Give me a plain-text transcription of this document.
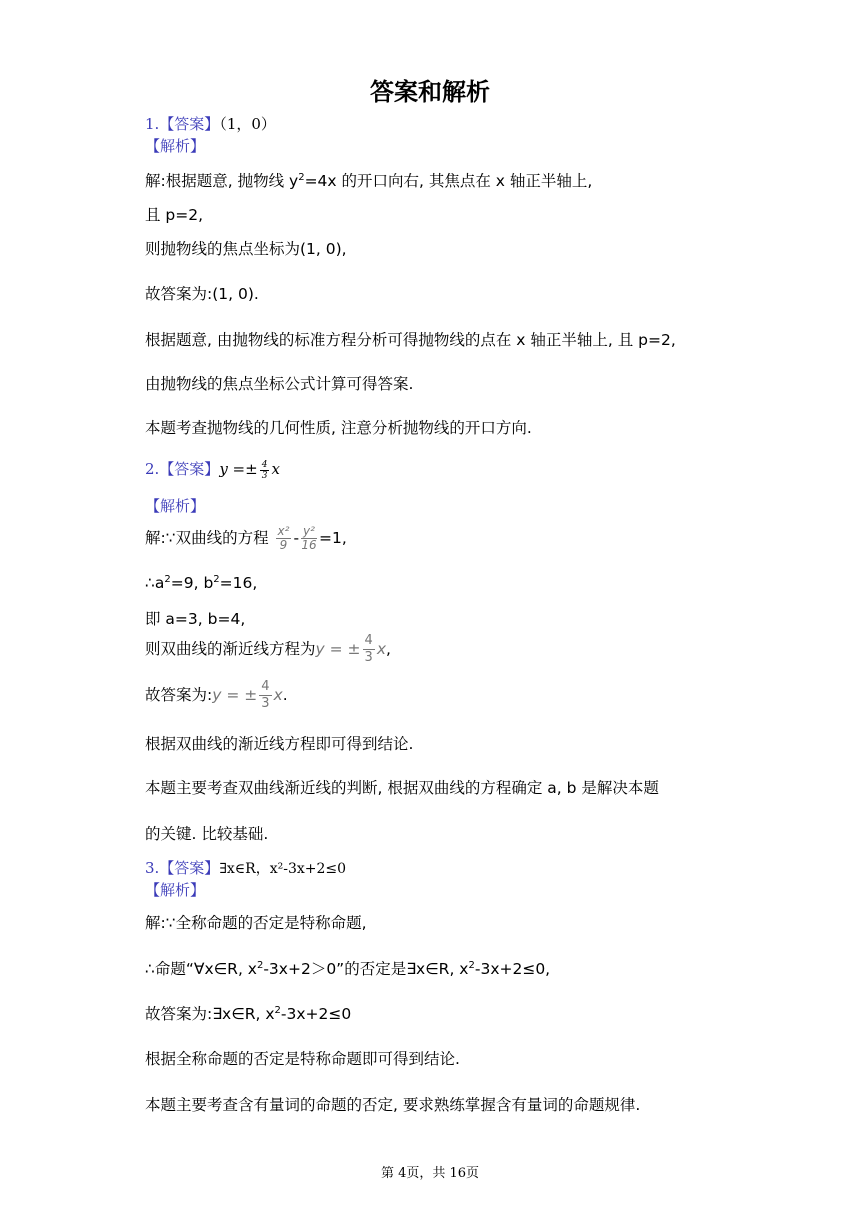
答案和解析
1.【答案】（1，0）
【解析】
解:根据题意, 抛物线 $y^2=4x$ 的开口向右, 其焦点在 x 轴正半轴上,
且 p=2,
则抛物线的焦点坐标为(1, 0),
故答案为:(1, 0).
根据题意, 由抛物线的标准方程分析可得抛物线的点在 x 轴正半轴上, 且 p=2,
由抛物线的焦点坐标公式计算可得答案.
本题考查抛物线的几何性质, 注意分析抛物线的开口方向.
2.【答案】$y =\pm \frac{4}{3}$ x
【解析】
解:∵双曲线的方程 $\frac{\text{x²}}{9} - \frac{\text{y²}}{16} =1$,
$\therefore a^2=9$, $b^2=16$,
即 a=3, b=4,
则双曲线的渐近线方程为y = ± $\frac{4}{3} x$,
故答案为:y = ± $\frac{4}{3} x$.
根据双曲线的渐近线方程即可得到结论.
本题主要考查双曲线渐近线的判断, 根据双曲线的方程确定 a, b 是解决本题
的关键. 比较基础.
3.【答案】∃x∈R，x²-3x+2≤0
【解析】
解:∵全称命题的否定是特称命题,
∴命题“∀x∈R, $x^2-3x+2>0$”的否定是∃x∈R, $x^2-3x+2\le 0$,
故答案为:∃x∈R, $x^2-3x+2\le 0$
根据全称命题的否定是特称命题即可得到结论.
本题主要考查含有量词的命题的否定, 要求熟练掌握含有量词的命题规律.
第 4页，共 16页
